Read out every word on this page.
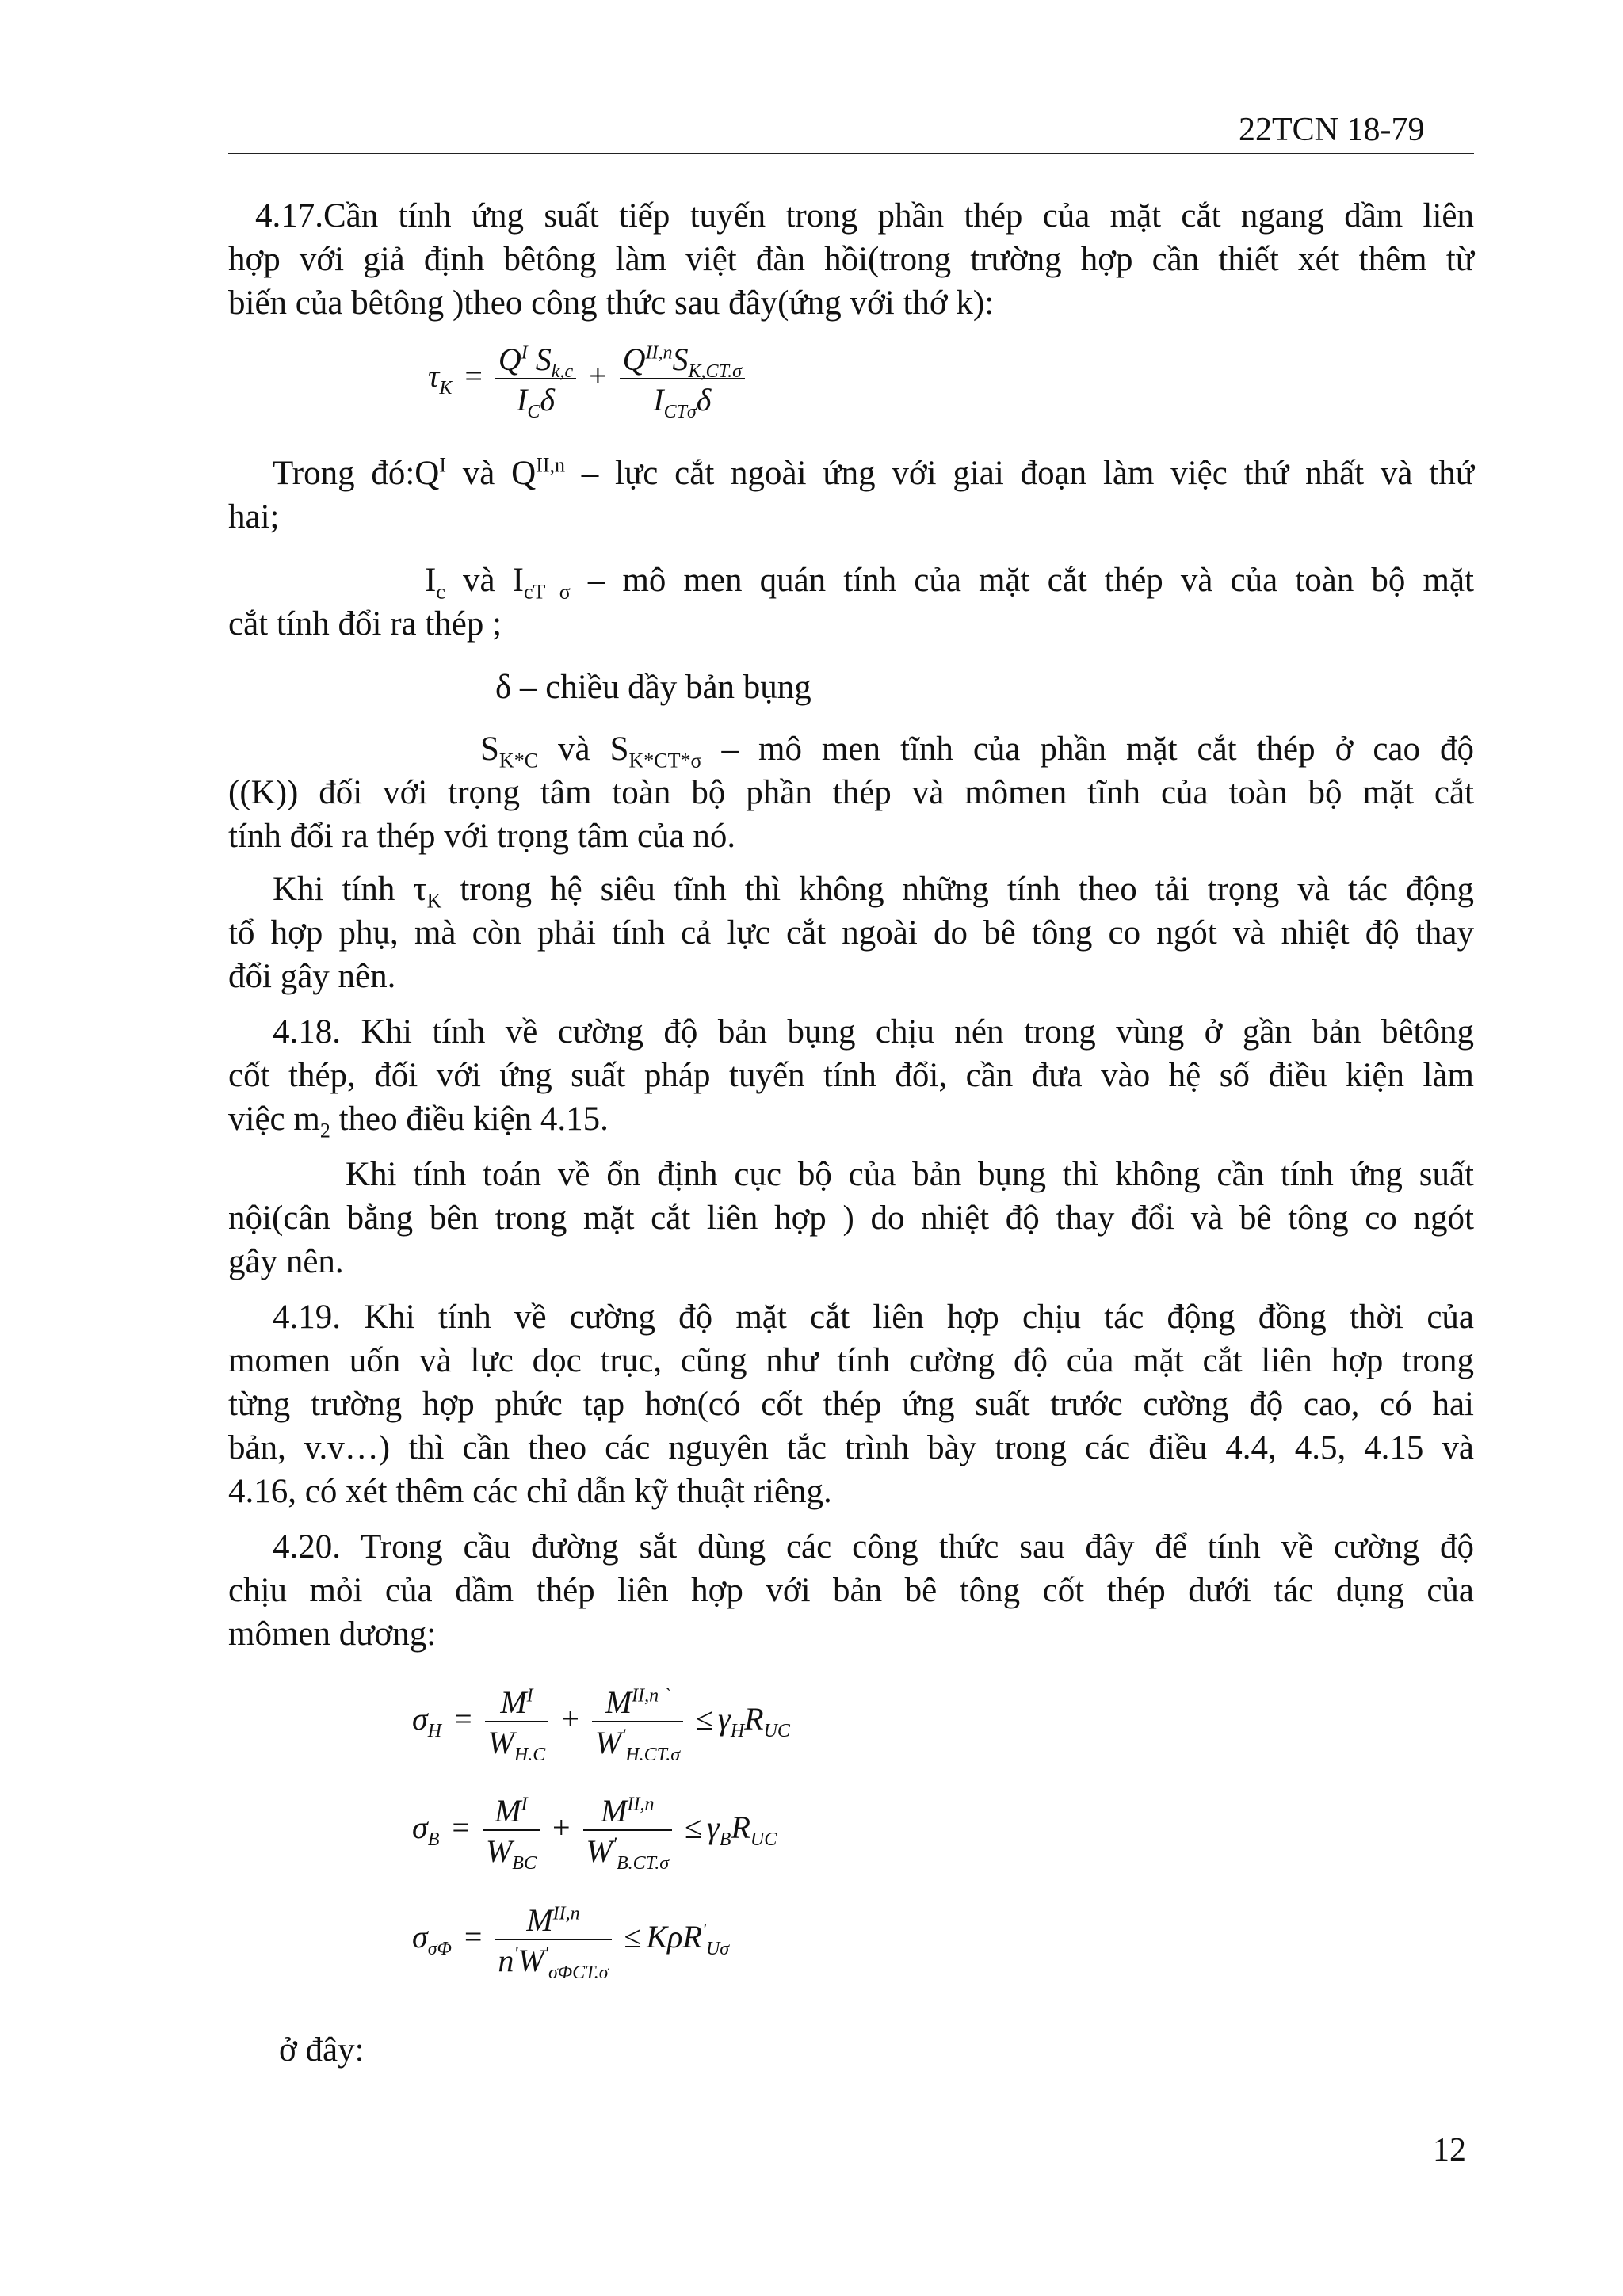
22TCN 18-79
4.17.Cần tính ứng suất tiếp tuyến trong phần thép của mặt cắt ngang dầm liên
hợp với giả định bêtông làm việt đàn hồi(trong trường hợp cần thiết xét thêm từ
biến của bêtông )theo công thức sau đây(ứng với thớ k):
$\tau_K = \frac{Q^I S_{k,c}}{I_C\delta} + \frac{Q^{II,n}S_{K,CT.\sigma}}{I_{CT\sigma}\delta}$
Trong $đó:Q^I$ và $Q^{II,n}$ – lực cắt ngoài ứng với giai đoạn làm việc thứ nhất và thứ
hai;
$I_c$ và $I_{cT \sigma}$ – mô men quán tính của mặt cắt thép và của toàn bộ mặt
cắt tính đổi ra thép ;
δ – chiều dầy bản bụng
$S_{K*C}$ và $S_{K*CT*\sigma}$ – mô men tĩnh của phần mặt cắt thép ở cao độ
((K)) đối với trọng tâm toàn bộ phần thép và mômen tĩnh của toàn bộ mặt cắt
tính đổi ra thép với trọng tâm của nó.
Khi tính $\tau_K$ trong hệ siêu tĩnh thì không những tính theo tải trọng và tác động
tổ hợp phụ, mà còn phải tính cả lực cắt ngoài do bê tông co ngót và nhiệt độ thay
đổi gây nên.
4.18. Khi tính về cường độ bản bụng chịu nén trong vùng ở gần bản bêtông
cốt thép, đối với ứng suất pháp tuyến tính đổi, cần đưa vào hệ số điều kiện làm
việc $m_2$ theo điều kiện 4.15.
Khi tính toán về ổn định cục bộ của bản bụng thì không cần tính ứng suất
nội(cân bằng bên trong mặt cắt liên hợp ) do nhiệt độ thay đổi và bê tông co ngót
gây nên.
4.19. Khi tính về cường độ mặt cắt liên hợp chịu tác động đồng thời của
momen uốn và lực dọc trục, cũng như tính cường độ của mặt cắt liên hợp trong
từng trường hợp phức tạp hơn(có cốt thép ứng suất trước cường độ cao, có hai
bản, v.v…) thì cần theo các nguyên tắc trình bày trong các điều 4.4, 4.5, 4.15 và
4.16, có xét thêm các chỉ dẫn kỹ thuật riêng.
4.20. Trong cầu đường sắt dùng các công thức sau đây để tính về cường độ
chịu mỏi của dầm thép liên hợp với bản bê tông cốt thép dưới tác dụng của
mômen dương:
$\sigma_H = \frac{M^I}{W_{H.C}} + \frac{M^{II,n `}}{W'_{H.CT.\sigma}} \le \gamma_HR_{UC}$
$\sigma_B = \frac{M^I}{W_{BC}} + \frac{M^{II,n}}{W'_{B.CT.\sigma}} \le \gamma_BR_{UC}$
$\sigma_{\sigma\Phi} = \frac{M^{II,n}}{n'W'_{\sigma\Phi CT.\sigma}} \le K\rho R'_{U\sigma}$
ở đây:
12
